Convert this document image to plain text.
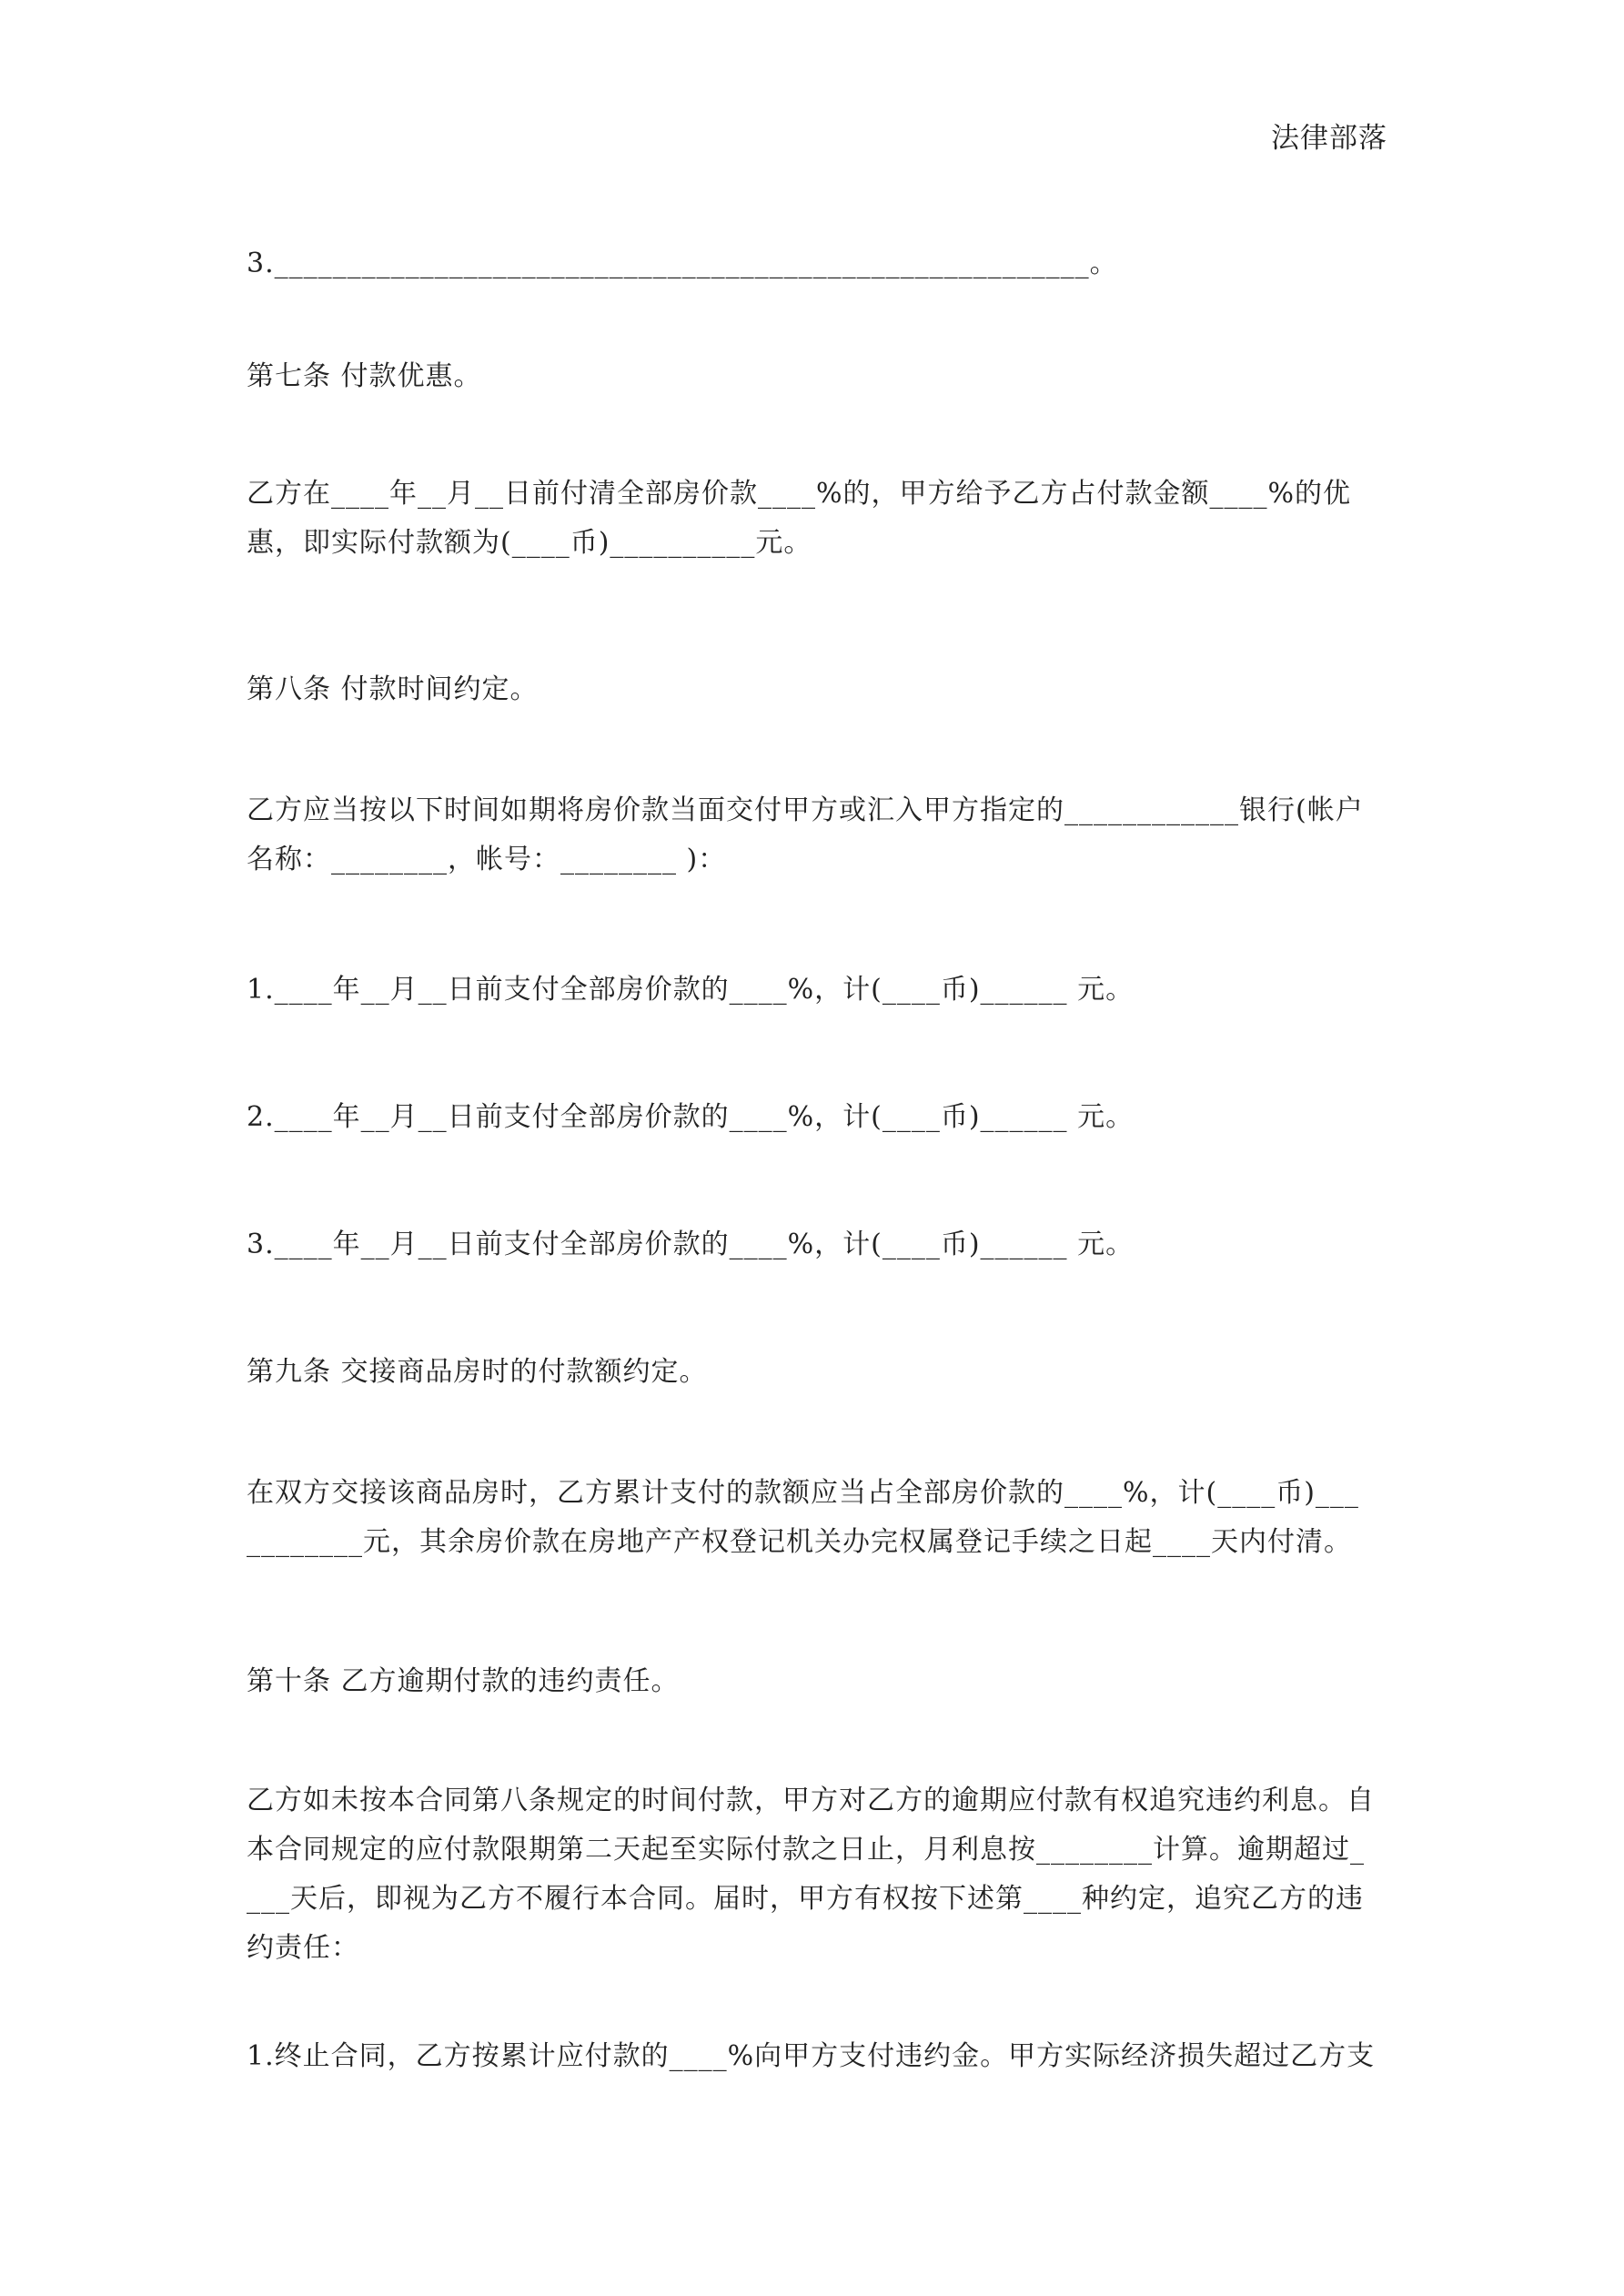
法律部落
3.________________________________________________________。
第七条 付款优惠。
乙方在____年__月__日前付清全部房价款____%的，甲方给予乙方占付款金额____%的优
惠，即实际付款额为(____币)__________元。
第八条 付款时间约定。
乙方应当按以下时间如期将房价款当面交付甲方或汇入甲方指定的____________银行(帐户
名称：________，帐号：________ )：
1.____年__月__日前支付全部房价款的____%，计(____币)______ 元。
2.____年__月__日前支付全部房价款的____%，计(____币)______ 元。
3.____年__月__日前支付全部房价款的____%，计(____币)______ 元。
第九条 交接商品房时的付款额约定。
在双方交接该商品房时，乙方累计支付的款额应当占全部房价款的____%，计(____币)___
________元，其余房价款在房地产产权登记机关办完权属登记手续之日起____天内付清。
第十条 乙方逾期付款的违约责任。
乙方如未按本合同第八条规定的时间付款，甲方对乙方的逾期应付款有权追究违约利息。自
本合同规定的应付款限期第二天起至实际付款之日止，月利息按________计算。逾期超过_
___天后，即视为乙方不履行本合同。届时，甲方有权按下述第____种约定，追究乙方的违
约责任：
1.终止合同，乙方按累计应付款的____%向甲方支付违约金。甲方实际经济损失超过乙方支
